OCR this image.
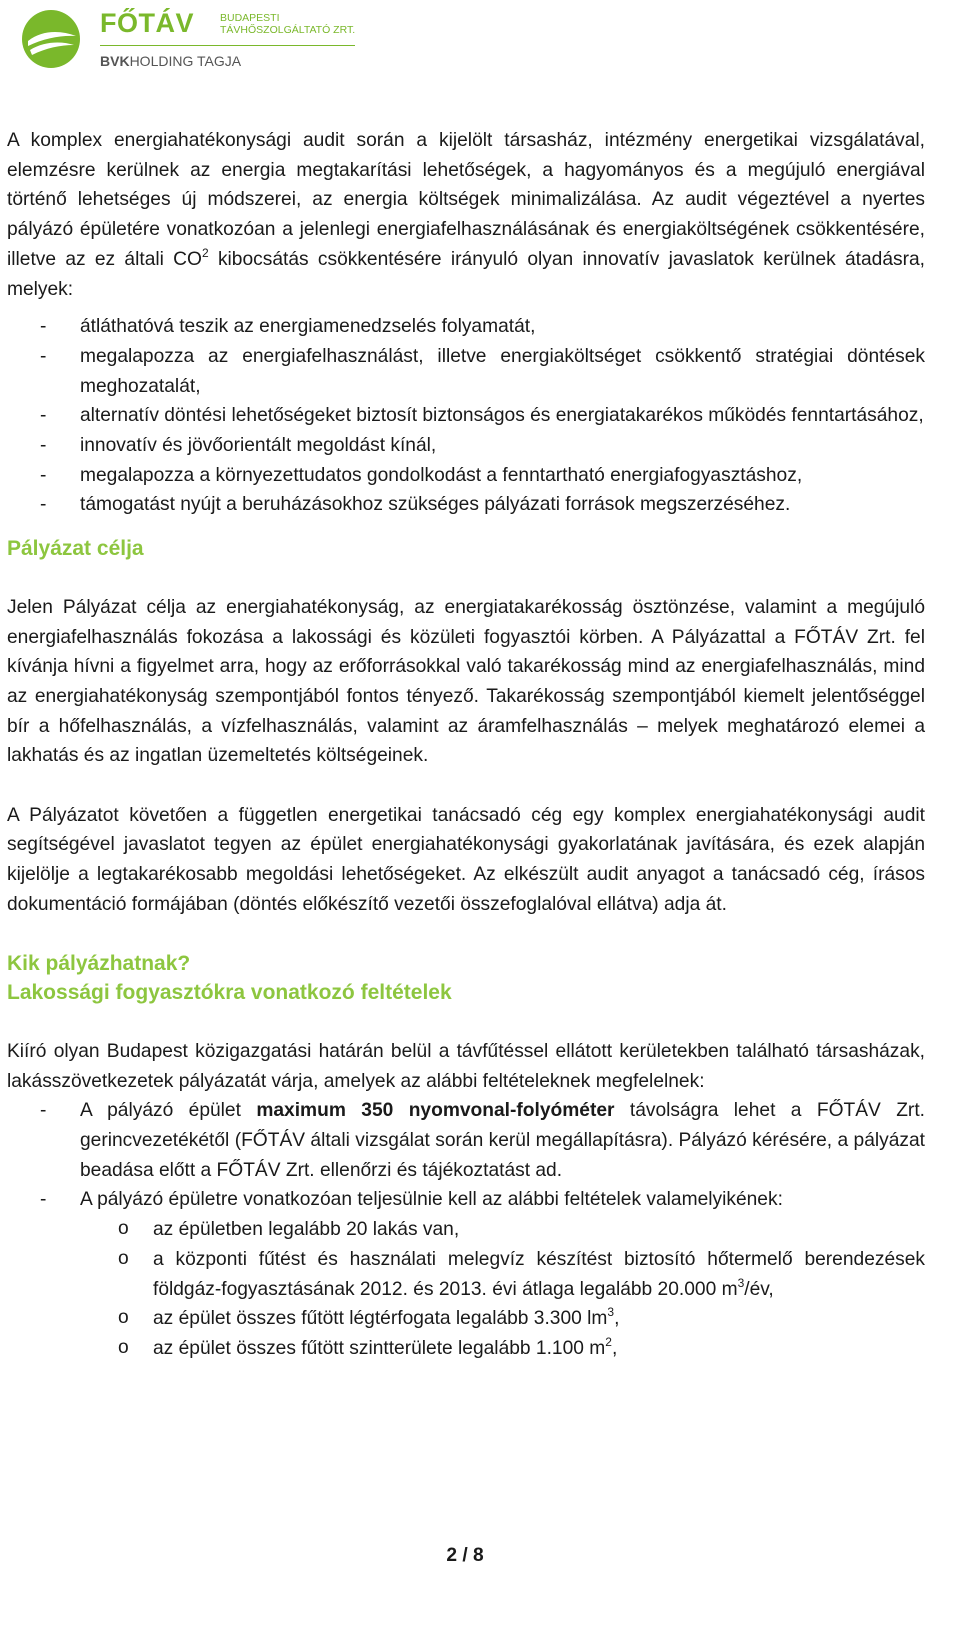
FŐTÁV BUDAPESTI
TÁVHŐSZOLGÁLTATÓ ZRT.
BVKHOLDING TAGJA

A komplex energiahatékonysági audit során a kijelölt társasház, intézmény energetikai vizsgálatával, elemzésre kerülnek az energia megtakarítási lehetőségek, a hagyományos és a megújuló energiával történő lehetséges új módszerei, az energia költségek minimalizálása. Az audit végeztével a nyertes pályázó épületére vonatkozóan a jelenlegi energiafelhasználásának és energiaköltségének csökkentésére, illetve az ez általi $CO^2$ kibocsátás csökkentésére irányuló olyan innovatív javaslatok kerülnek átadásra, melyek:

- átláthatóvá teszik az energiamenedzselés folyamatát,
- megalapozza az energiafelhasználást, illetve energiaköltséget csökkentő stratégiai döntések meghozatalát,
- alternatív döntési lehetőségeket biztosít biztonságos és energiatakarékos működés fenntartásához,
- innovatív és jövőorientált megoldást kínál,
- megalapozza a környezettudatos gondolkodást a fenntartható energiafogyasztáshoz,
- támogatást nyújt a beruházásokhoz szükséges pályázati források megszerzéséhez.
Pályázat célja

Jelen Pályázat célja az energiahatékonyság, az energiatakarékosság ösztönzése, valamint a megújuló energiafelhasználás fokozása a lakossági és közületi fogyasztói körben. A Pályázattal a FŐTÁV Zrt. fel kívánja hívni a figyelmet arra, hogy az erőforrásokkal való takarékosság mind az energiafelhasználás, mind az energiahatékonyság szempontjából fontos tényező. Takarékosság szempontjából kiemelt jelentőséggel bír a hőfelhasználás, a vízfelhasználás, valamint az áramfelhasználás – melyek meghatározó elemei a lakhatás és az ingatlan üzemeltetés költségeinek.

A Pályázatot követően a független energetikai tanácsadó cég egy komplex energiahatékonysági audit segítségével javaslatot tegyen az épület energiahatékonysági gyakorlatának javítására, és ezek alapján kijelölje a legtakarékosabb megoldási lehetőségeket. Az elkészült audit anyagot a tanácsadó cég, írásos dokumentáció formájában (döntés előkészítő vezetői összefoglalóval ellátva) adja át.

Kik pályázhatnak?
Lakossági fogyasztókra vonatkozó feltételek

Kiíró olyan Budapest közigazgatási határán belül a távfűtéssel ellátott kerületekben található társasházak, lakásszövetkezetek pályázatát várja, amelyek az alábbi feltételeknek megfelelnek:

- A pályázó épület maximum 350 nyomvonal-folyóméter távolságra lehet a FŐTÁV Zrt. gerincvezetékétől (FŐTÁV általi vizsgálat során kerül megállapításra). Pályázó kérésére, a pályázat beadása előtt a FŐTÁV Zrt. ellenőrzi és tájékoztatást ad.
- A pályázó épületre vonatkozóan teljesülnie kell az alábbi feltételek valamelyikének:
o az épületben legalább 20 lakás van,
o a központi fűtést és használati melegvíz készítést biztosító hőtermelő berendezések földgáz-fogyasztásának 2012. és 2013. évi átlaga legalább 20.000 $m^3/év$,
o az épület összes fűtött légtérfogata legalább 3.300 $lm^3$,
o az épület összes fűtött szintterülete legalább 1.100 $m^2$,
2 / 8
